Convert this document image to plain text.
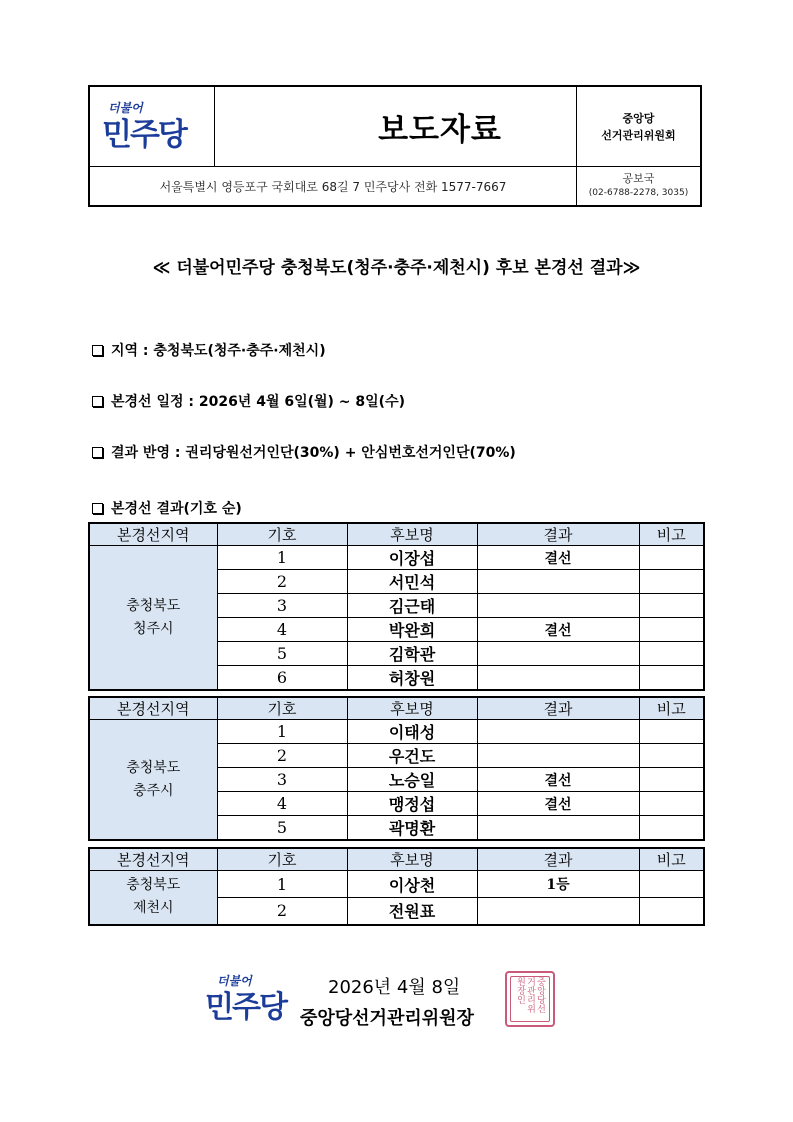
더불어
민주당	보도자료	중앙당
선거관리위원회
서울특별시 영등포구 국회대로 68길 7 민주당사 전화 1577-7667
공보국
(02-6788-2278, 3035)
≪ 더불어민주당 충청북도(청주·충주·제천시) 후보 본경선 결과≫
지역 : 충청북도(청주·충주·제천시)
본경선 일정 : 2026년 4월 6일(월) ~ 8일(수)
결과 반영 : 권리당원선거인단(30%) + 안심번호선거인단(70%)
본경선 결과(기호 순)
본경선지역	기호	후보명	결과	비고

충청북도
청주시	1	이장섭	결선	
	2	서민석		
	3	김근태		
	4	박완희	결선	
	5	김학관		
	6	허창원		
본경선지역	기호	후보명	결과	비고

충청북도
충주시	1	이태성		
	2	우건도		
	3	노승일	결선	
	4	맹정섭	결선	
	5	곽명환		
본경선지역	기호	후보명	결과	비고

충청북도
제천시	1	이상천	1등	
	2	전원표		
더불어
민주당
2026년 4월 8일
중앙당선거관리위원장
중앙당선거관리위원장인
